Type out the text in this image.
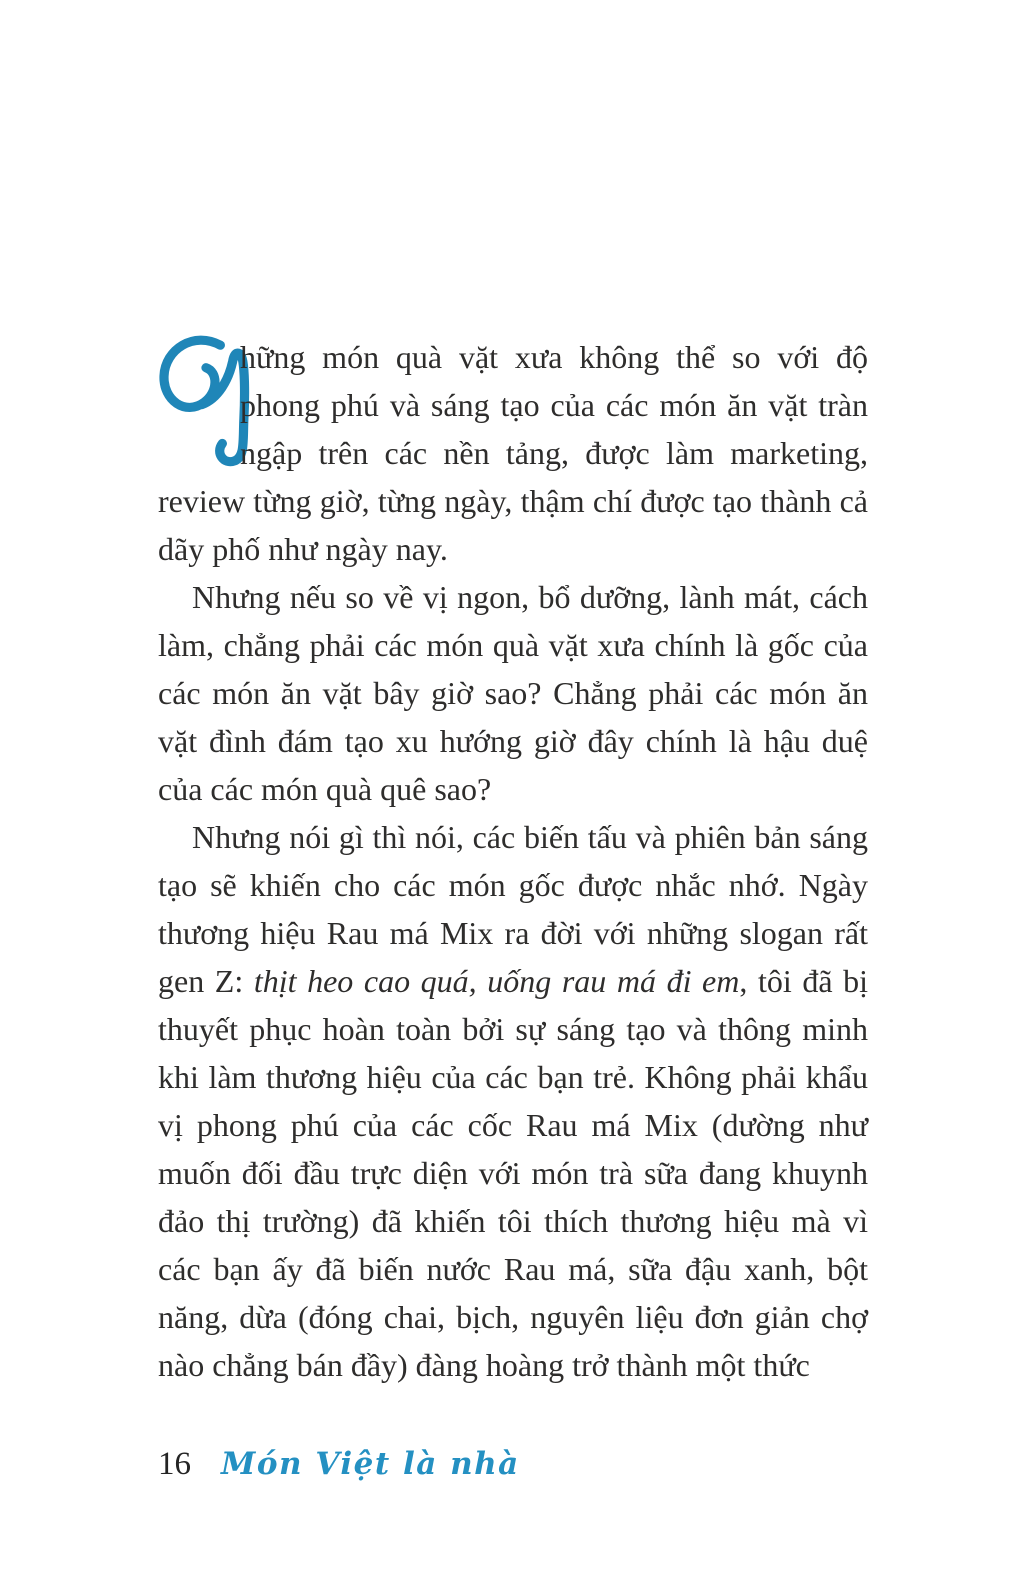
hững món quà vặt xưa không thể so với độ phong phú và sáng tạo của các món ăn vặt tràn ngập trên các nền tảng, được làm marketing, review từng giờ, từng ngày, thậm chí được tạo thành cả dãy phố như ngày nay.

Nhưng nếu so về vị ngon, bổ dưỡng, lành mát, cách làm, chẳng phải các món quà vặt xưa chính là gốc của các món ăn vặt bây giờ sao? Chẳng phải các món ăn vặt đình đám tạo xu hướng giờ đây chính là hậu duệ của các món quà quê sao?

Nhưng nói gì thì nói, các biến tấu và phiên bản sáng tạo sẽ khiến cho các món gốc được nhắc nhớ. Ngày thương hiệu Rau má Mix ra đời với những slogan rất gen Z: thịt heo cao quá, uống rau má đi em, tôi đã bị thuyết phục hoàn toàn bởi sự sáng tạo và thông minh khi làm thương hiệu của các bạn trẻ. Không phải khẩu vị phong phú của các cốc Rau má Mix (dường như muốn đối đầu trực diện với món trà sữa đang khuynh đảo thị trường) đã khiến tôi thích thương hiệu mà vì các bạn ấy đã biến nước Rau má, sữa đậu xanh, bột năng, dừa (đóng chai, bịch, nguyên liệu đơn giản chợ nào chẳng bán đầy) đàng hoàng trở thành một thức

16 Món Việt là nhà
